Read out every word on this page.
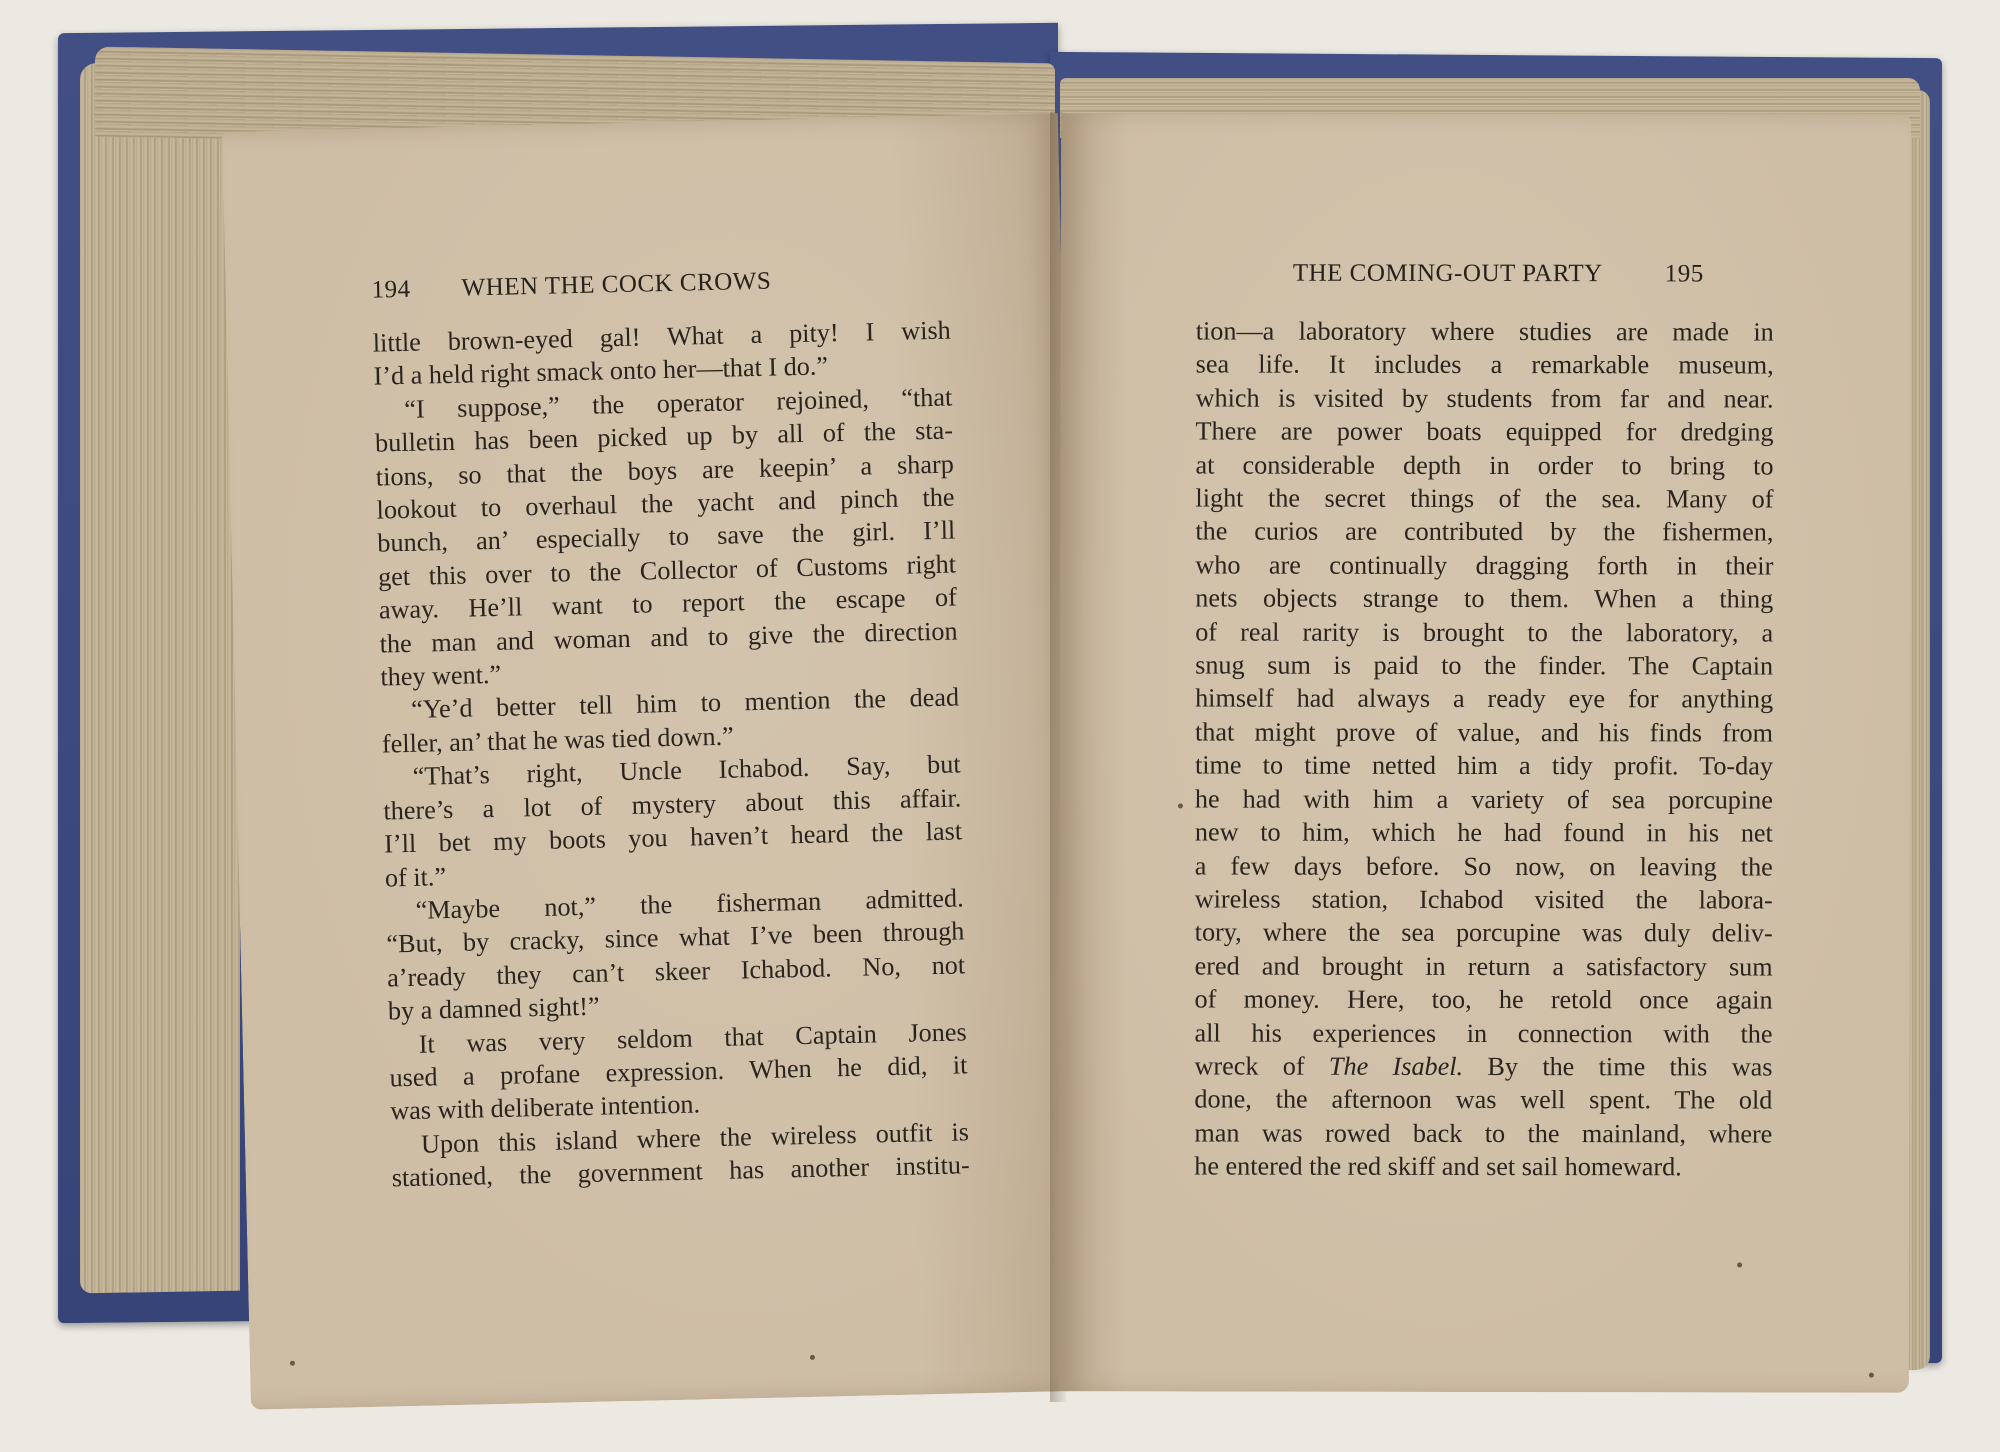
194 WHEN THE COCK CROWS
little brown-eyed gal! What a pity! I wish
I’d a held right smack onto her—that I do.”
“I suppose,” the operator rejoined, “that
bulletin has been picked up by all of the sta-
tions, so that the boys are keepin’ a sharp
lookout to overhaul the yacht and pinch the
bunch, an’ especially to save the girl. I’ll
get this over to the Collector of Customs right
away. He’ll want to report the escape of
the man and woman and to give the direction
they went.”
“Ye’d better tell him to mention the dead
feller, an’ that he was tied down.”
“That’s right, Uncle Ichabod. Say, but
there’s a lot of mystery about this affair.
I’ll bet my boots you haven’t heard the last
of it.”
“Maybe not,” the fisherman admitted.
“But, by cracky, since what I’ve been through
a’ready they can’t skeer Ichabod. No, not
by a damned sight!”
It was very seldom that Captain Jones
used a profane expression. When he did, it
was with deliberate intention.
Upon this island where the wireless outfit is
stationed, the government has another institu-
THE COMING-OUT PARTY 195
tion—a laboratory where studies are made in
sea life. It includes a remarkable museum,
which is visited by students from far and near.
There are power boats equipped for dredging
at considerable depth in order to bring to
light the secret things of the sea. Many of
the curios are contributed by the fishermen,
who are continually dragging forth in their
nets objects strange to them. When a thing
of real rarity is brought to the laboratory, a
snug sum is paid to the finder. The Captain
himself had always a ready eye for anything
that might prove of value, and his finds from
time to time netted him a tidy profit. To-day
he had with him a variety of sea porcupine
new to him, which he had found in his net
a few days before. So now, on leaving the
wireless station, Ichabod visited the labora-
tory, where the sea porcupine was duly deliv-
ered and brought in return a satisfactory sum
of money. Here, too, he retold once again
all his experiences in connection with the
wreck of The Isabel. By the time this was
done, the afternoon was well spent. The old
man was rowed back to the mainland, where
he entered the red skiff and set sail homeward.
